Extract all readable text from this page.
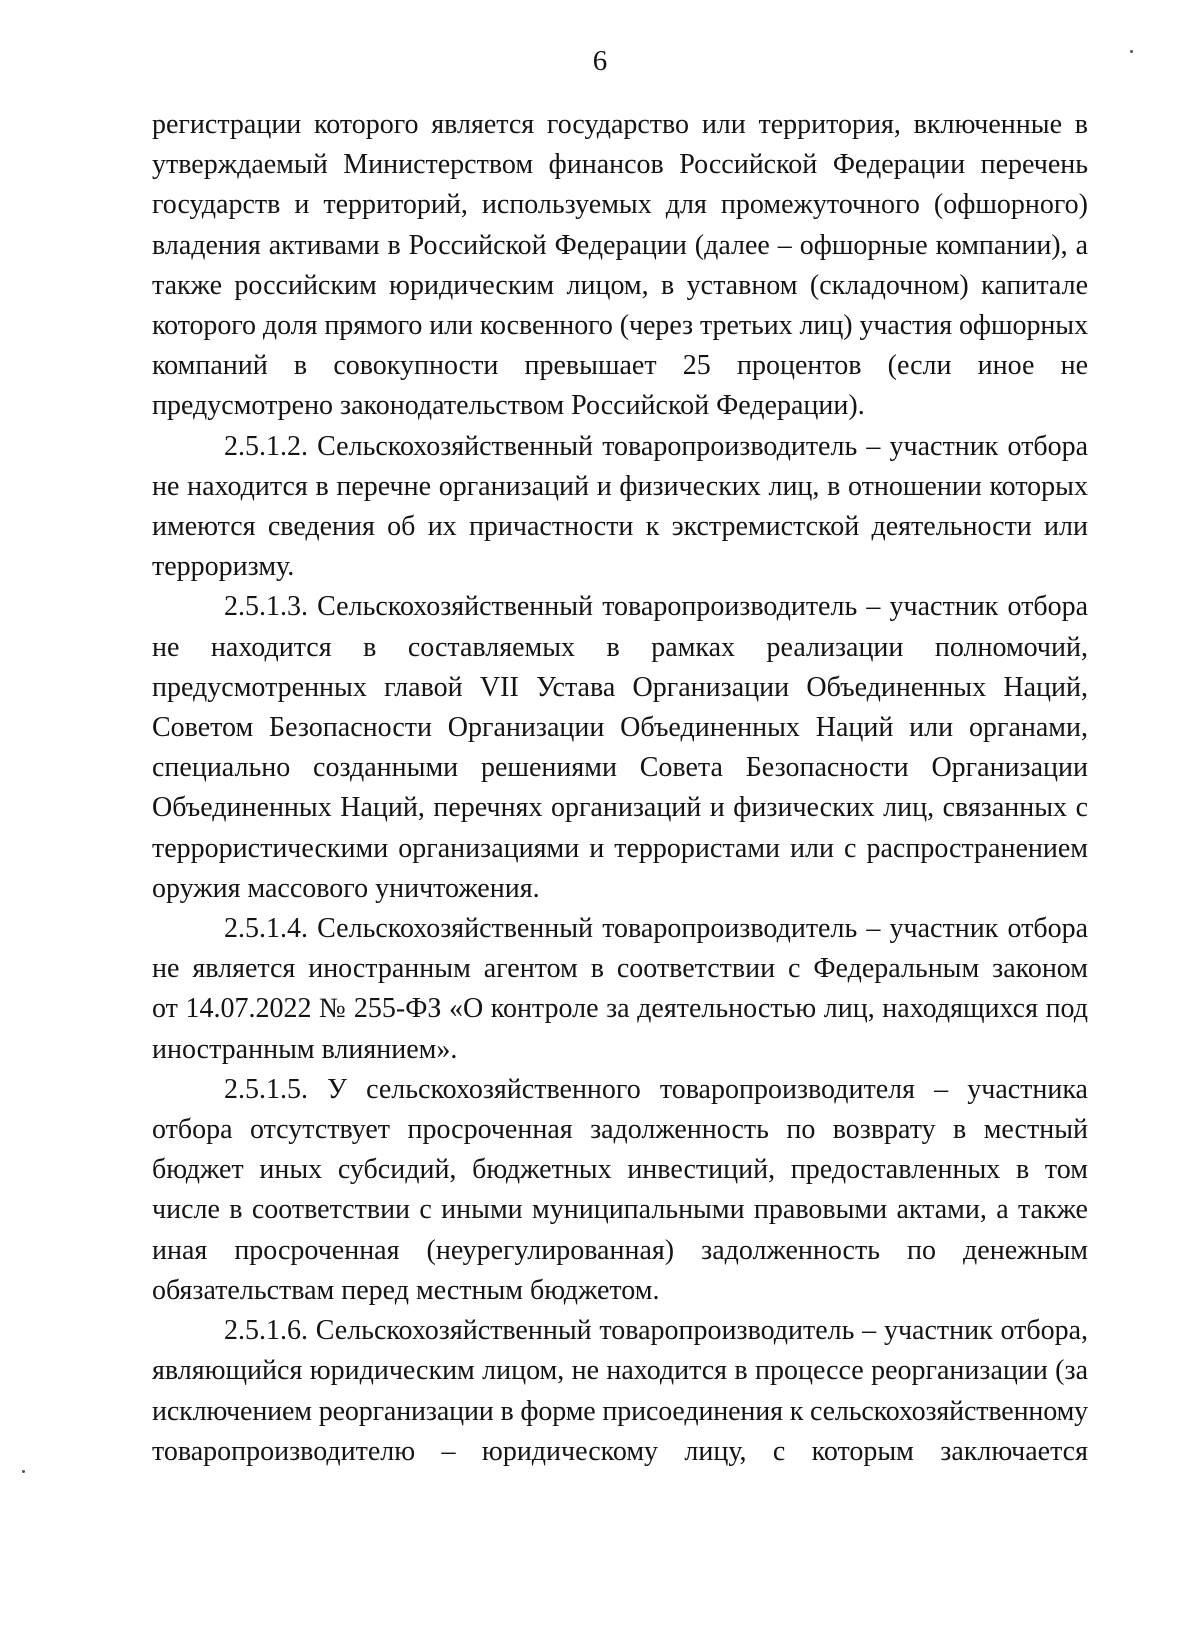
6

регистрации которого является государство или территория, включенные в
утверждаемый Министерством финансов Российской Федерации перечень
государств и территорий, используемых для промежуточного (офшорного)
владения активами в Российской Федерации (далее – офшорные компании), а
также российским юридическим лицом, в уставном (складочном) капитале
которого доля прямого или косвенного (через третьих лиц) участия офшорных
компаний в совокупности превышает 25 процентов (если иное не
предусмотрено законодательством Российской Федерации).

2.5.1.2. Сельскохозяйственный товаропроизводитель – участник отбора
не находится в перечне организаций и физических лиц, в отношении которых
имеются сведения об их причастности к экстремистской деятельности или
терроризму.

2.5.1.3. Сельскохозяйственный товаропроизводитель – участник отбора
не находится в составляемых в рамках реализации полномочий,
предусмотренных главой VII Устава Организации Объединенных Наций,
Советом Безопасности Организации Объединенных Наций или органами,
специально созданными решениями Совета Безопасности Организации
Объединенных Наций, перечнях организаций и физических лиц, связанных с
террористическими организациями и террористами или с распространением
оружия массового уничтожения.

2.5.1.4. Сельскохозяйственный товаропроизводитель – участник отбора
не является иностранным агентом в соответствии с Федеральным законом
от 14.07.2022 № 255-ФЗ «О контроле за деятельностью лиц, находящихся под
иностранным влиянием».

2.5.1.5. У сельскохозяйственного товаропроизводителя – участника
отбора отсутствует просроченная задолженность по возврату в местный
бюджет иных субсидий, бюджетных инвестиций, предоставленных в том
числе в соответствии с иными муниципальными правовыми актами, а также
иная просроченная (неурегулированная) задолженность по денежным
обязательствам перед местным бюджетом.

2.5.1.6. Сельскохозяйственный товаропроизводитель – участник отбора,
являющийся юридическим лицом, не находится в процессе реорганизации (за
исключением реорганизации в форме присоединения к сельскохозяйственному
товаропроизводителю – юридическому лицу, с которым заключается
